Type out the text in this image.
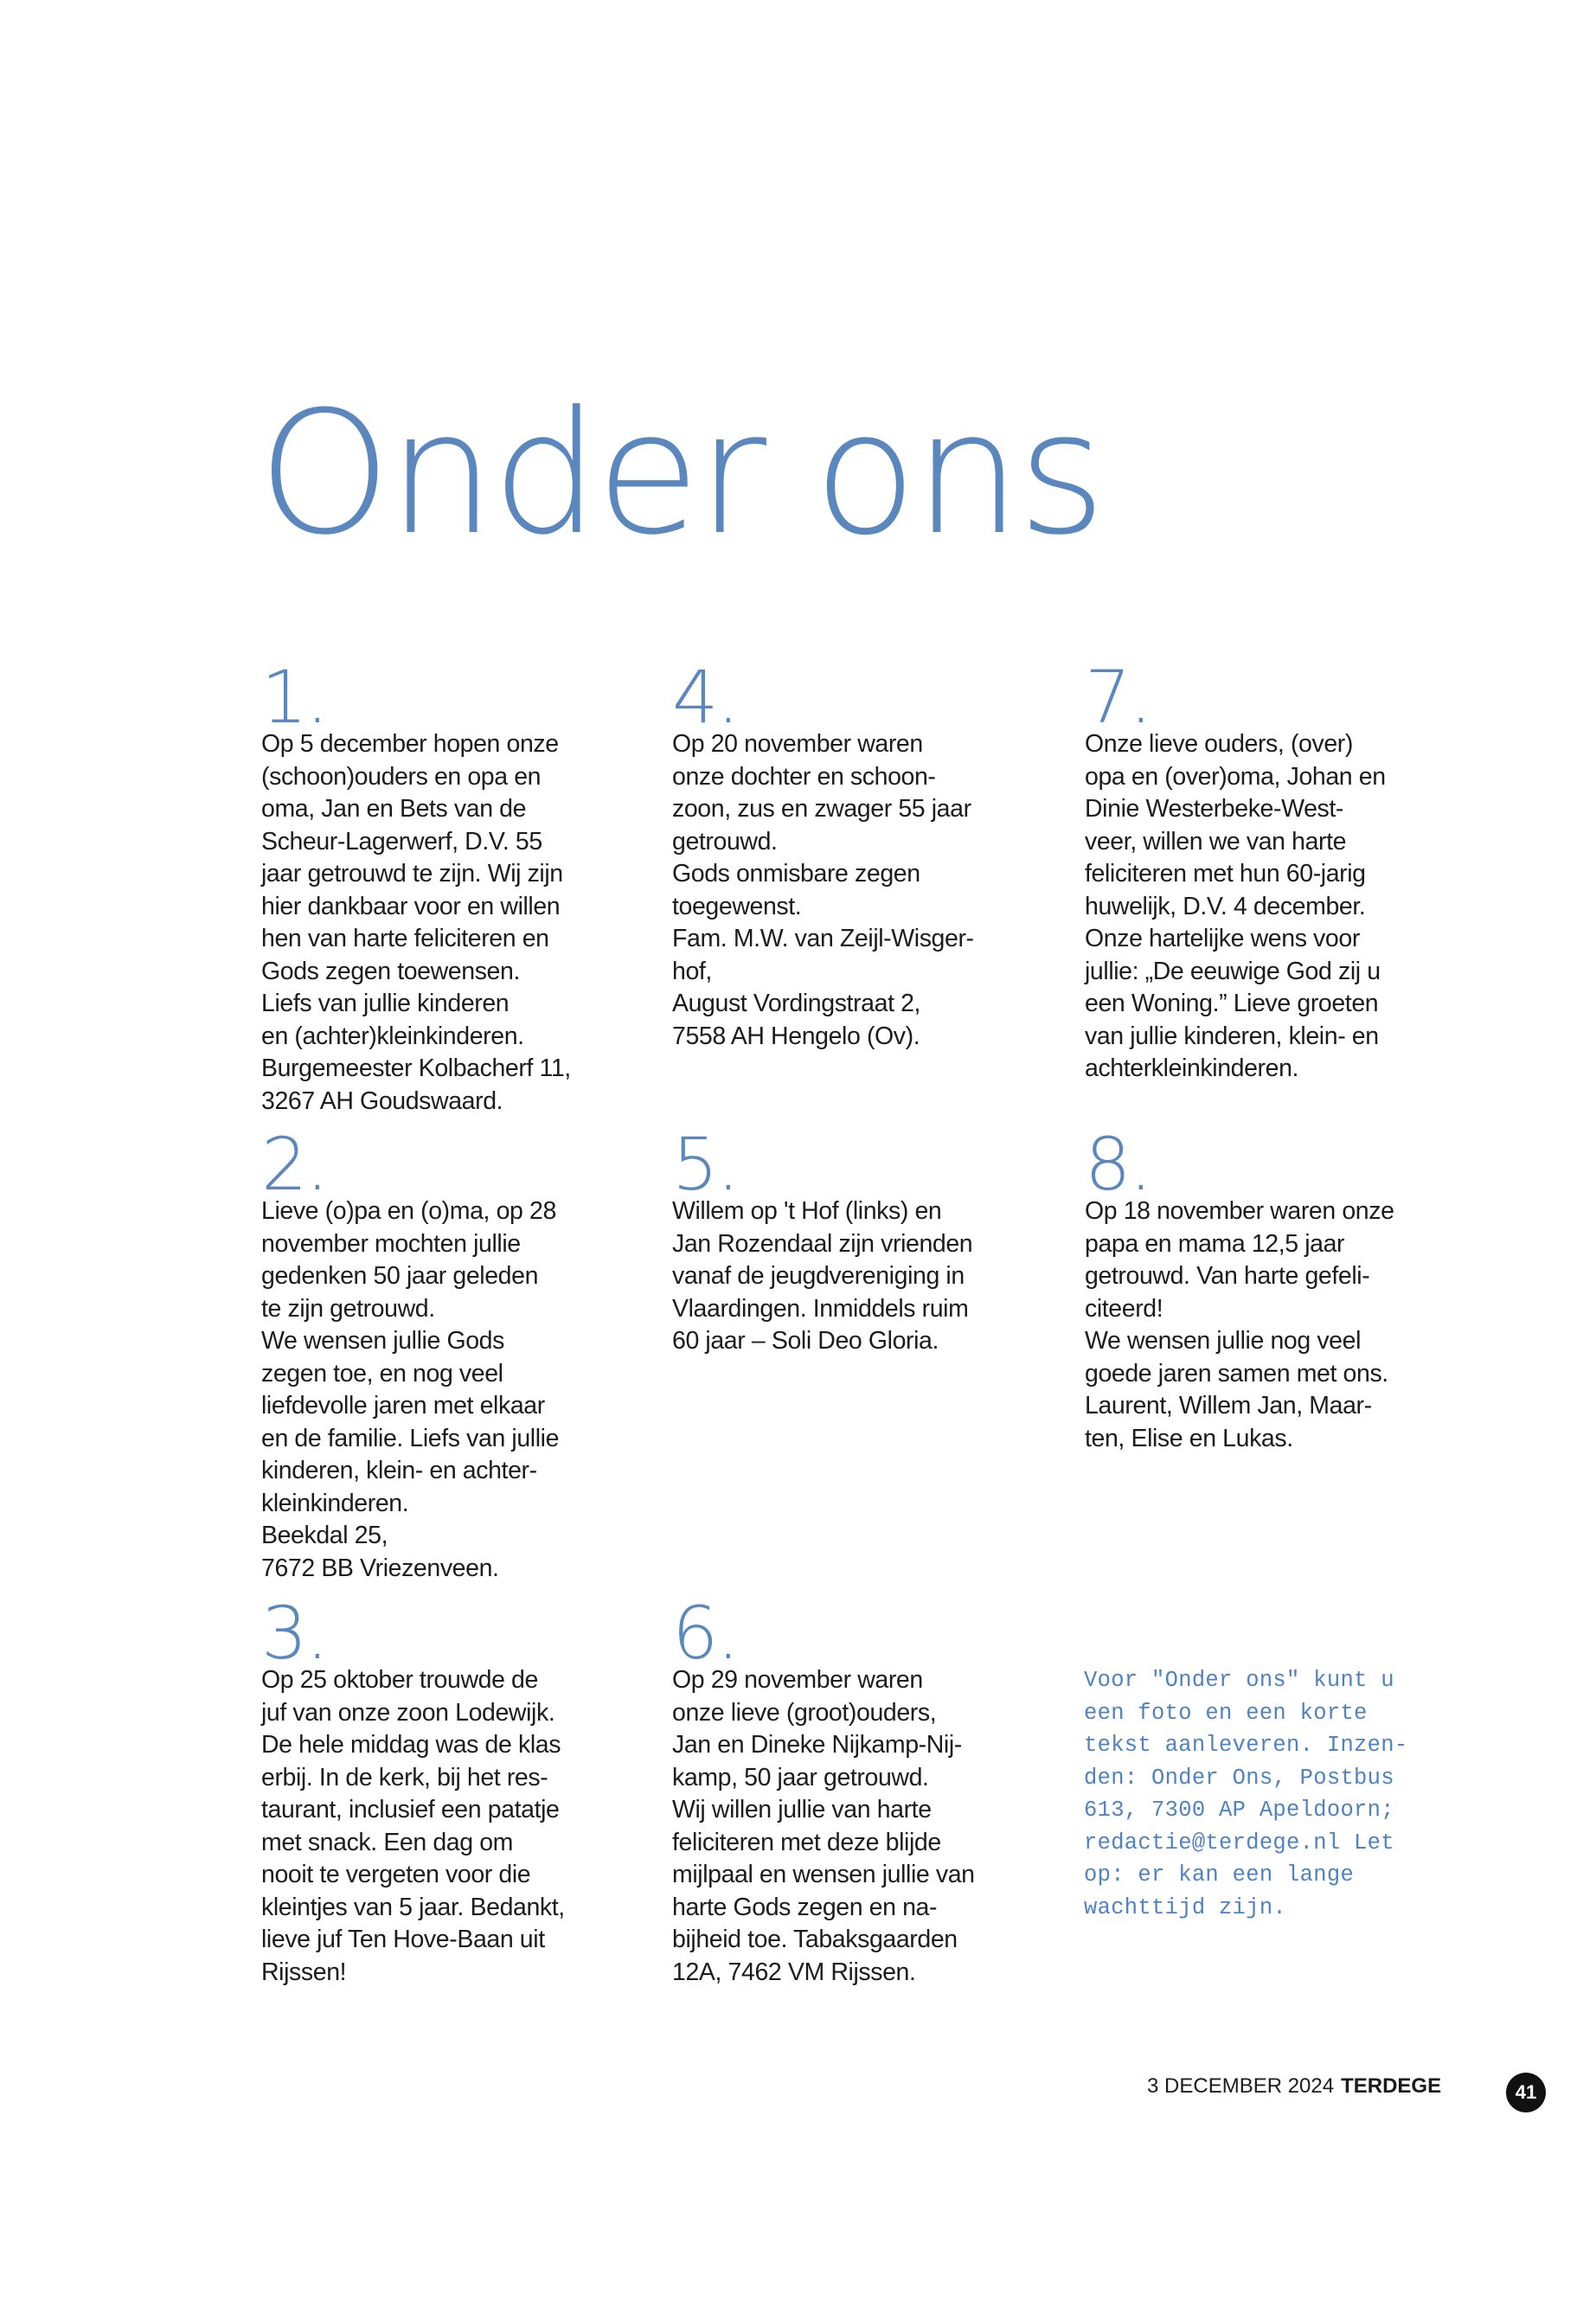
Onder ons
1.
Op 5 december hopen onze
(schoon)ouders en opa en
oma, Jan en Bets van de
Scheur-Lagerwerf, D.V. 55
jaar getrouwd te zijn. Wij zijn
hier dankbaar voor en willen
hen van harte feliciteren en
Gods zegen toewensen.
Liefs van jullie kinderen
en (achter)kleinkinderen.
Burgemeester Kolbacherf 11,
3267 AH Goudswaard.
2.
Lieve (o)pa en (o)ma, op 28
november mochten jullie
gedenken 50 jaar geleden
te zijn getrouwd.
We wensen jullie Gods
zegen toe, en nog veel
liefdevolle jaren met elkaar
en de familie. Liefs van jullie
kinderen, klein- en achter-
kleinkinderen.
Beekdal 25,
7672 BB Vriezenveen.
3.
Op 25 oktober trouwde de
juf van onze zoon Lodewijk.
De hele middag was de klas
erbij. In de kerk, bij het res-
taurant, inclusief een patatje
met snack. Een dag om
nooit te vergeten voor die
kleintjes van 5 jaar. Bedankt,
lieve juf Ten Hove-Baan uit
Rijssen!
4.
Op 20 november waren
onze dochter en schoon-
zoon, zus en zwager 55 jaar
getrouwd.
Gods onmisbare zegen
toegewenst.
Fam. M.W. van Zeijl-Wisger-
hof,
August Vordingstraat 2,
7558 AH Hengelo (Ov).
5.
Willem op 't Hof (links) en
Jan Rozendaal zijn vrienden
vanaf de jeugdvereniging in
Vlaardingen. Inmiddels ruim
60 jaar – Soli Deo Gloria.
6.
Op 29 november waren
onze lieve (groot)ouders,
Jan en Dineke Nijkamp-Nij-
kamp, 50 jaar getrouwd.
Wij willen jullie van harte
feliciteren met deze blijde
mijlpaal en wensen jullie van
harte Gods zegen en na-
bijheid toe. Tabaksgaarden
12A, 7462 VM Rijssen.
7.
Onze lieve ouders, (over)
opa en (over)oma, Johan en
Dinie Westerbeke-West-
veer, willen we van harte
feliciteren met hun 60-jarig
huwelijk, D.V. 4 december.
Onze hartelijke wens voor
jullie: „De eeuwige God zij u
een Woning.” Lieve groeten
van jullie kinderen, klein- en
achterkleinkinderen.
8.
Op 18 november waren onze
papa en mama 12,5 jaar
getrouwd. Van harte gefeli-
citeerd!
We wensen jullie nog veel
goede jaren samen met ons.
Laurent, Willem Jan, Maar-
ten, Elise en Lukas.
Voor "Onder ons" kunt u
een foto en een korte
tekst aanleveren. Inzen-
den: Onder Ons, Postbus
613, 7300 AP Apeldoorn;
redactie@terdege.nl Let
op: er kan een lange
wachttijd zijn.
3 DECEMBER 2024 TERDEGE	41
